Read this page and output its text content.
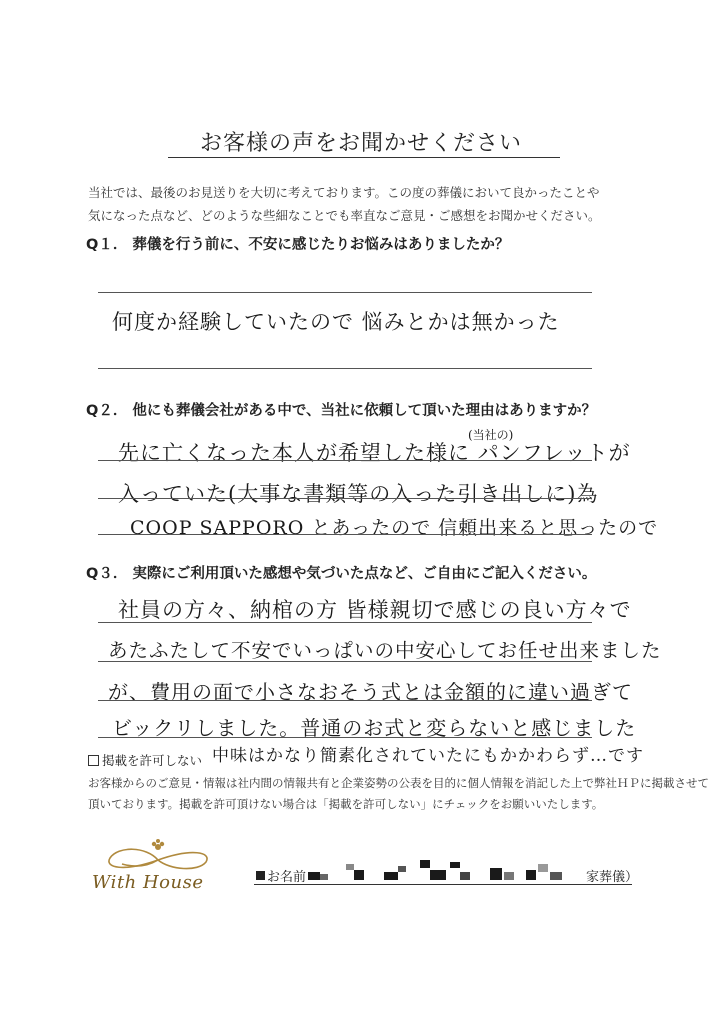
お客様の声をお聞かせください
当社では、最後のお見送りを大切に考えております。この度の葬儀において良かったことや
気になった点など、どのような些細なことでも率直なご意見・ご感想をお聞かせください。
Q１． 葬儀を行う前に、不安に感じたりお悩みはありましたか？
何度か経験していたので 悩みとかは無かった
Q２． 他にも葬儀会社がある中で、当社に依頼して頂いた理由はありますか？
(当社の)
先に亡くなった本人が希望した様に パンフレットが
入っていた(大事な書類等の入った引き出しに)為
COOP SAPPORO とあったので 信頼出来ると思ったので
Q３． 実際にご利用頂いた感想や気づいた点など、ご自由にご記入ください。
社員の方々、納棺の方 皆様親切で感じの良い方々で
あたふたして不安でいっぱいの中安心してお任せ出来ました
が、費用の面で小さなおそう式とは金額的に違い過ぎて
ビックリしました。普通のお式と変らないと感じました
中味はかなり簡素化されていたにもかかわらず…です
掲載を許可しない
お客様からのご意見・情報は社内間の情報共有と企業姿勢の公表を目的に個人情報を消記した上で弊社ＨＰに掲載させて
頂いております。掲載を許可頂けない場合は「掲載を許可しない」にチェックをお願いいたします。
With House	お名前	家葬儀）
